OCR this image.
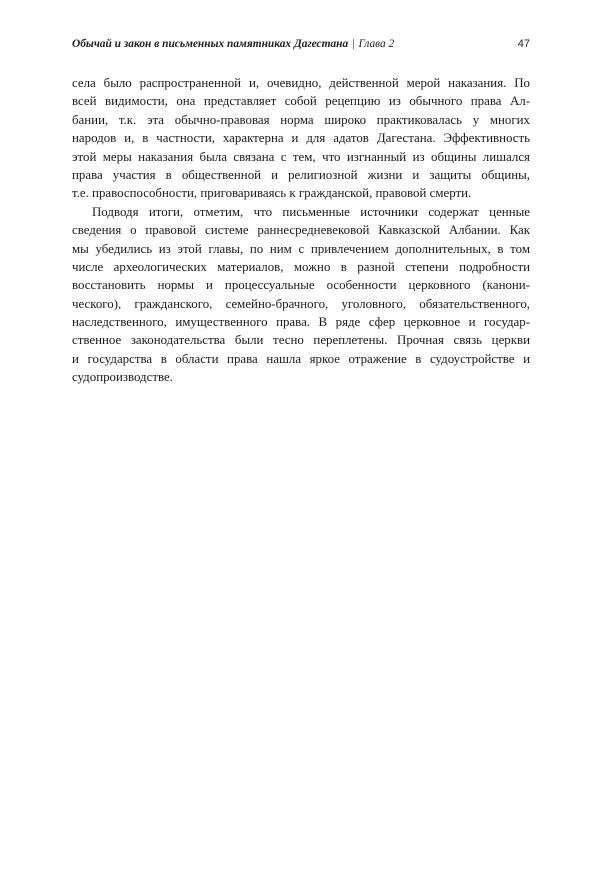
Обычай и закон в письменных памятниках Дагестана | Глава 2	47
села было распространенной и, очевидно, действенной мерой наказания. По
всей видимости, она представляет собой рецепцию из обычного права Ал-
бании, т.к. эта обычно-правовая норма широко практиковалась у многих
народов и, в частности, характерна и для адатов Дагестана. Эффективность
этой меры наказания была связана с тем, что изгнанный из общины лишался
права участия в общественной и религиозной жизни и защиты общины,
т.е. правоспособности, приговариваясь к гражданской, правовой смерти.
Подводя итоги, отметим, что письменные источники содержат ценные
сведения о правовой системе раннесредневековой Кавказской Албании. Как
мы убедились из этой главы, по ним с привлечением дополнительных, в том
числе археологических материалов, можно в разной степени подробности
восстановить нормы и процессуальные особенности церковного (канони-
ческого), гражданского, семейно-брачного, уголовного, обязательственного,
наследственного, имущественного права. В ряде сфер церковное и государ-
ственное законодательства были тесно переплетены. Прочная связь церкви
и государства в области права нашла яркое отражение в судоустройстве и
судопроизводстве.
